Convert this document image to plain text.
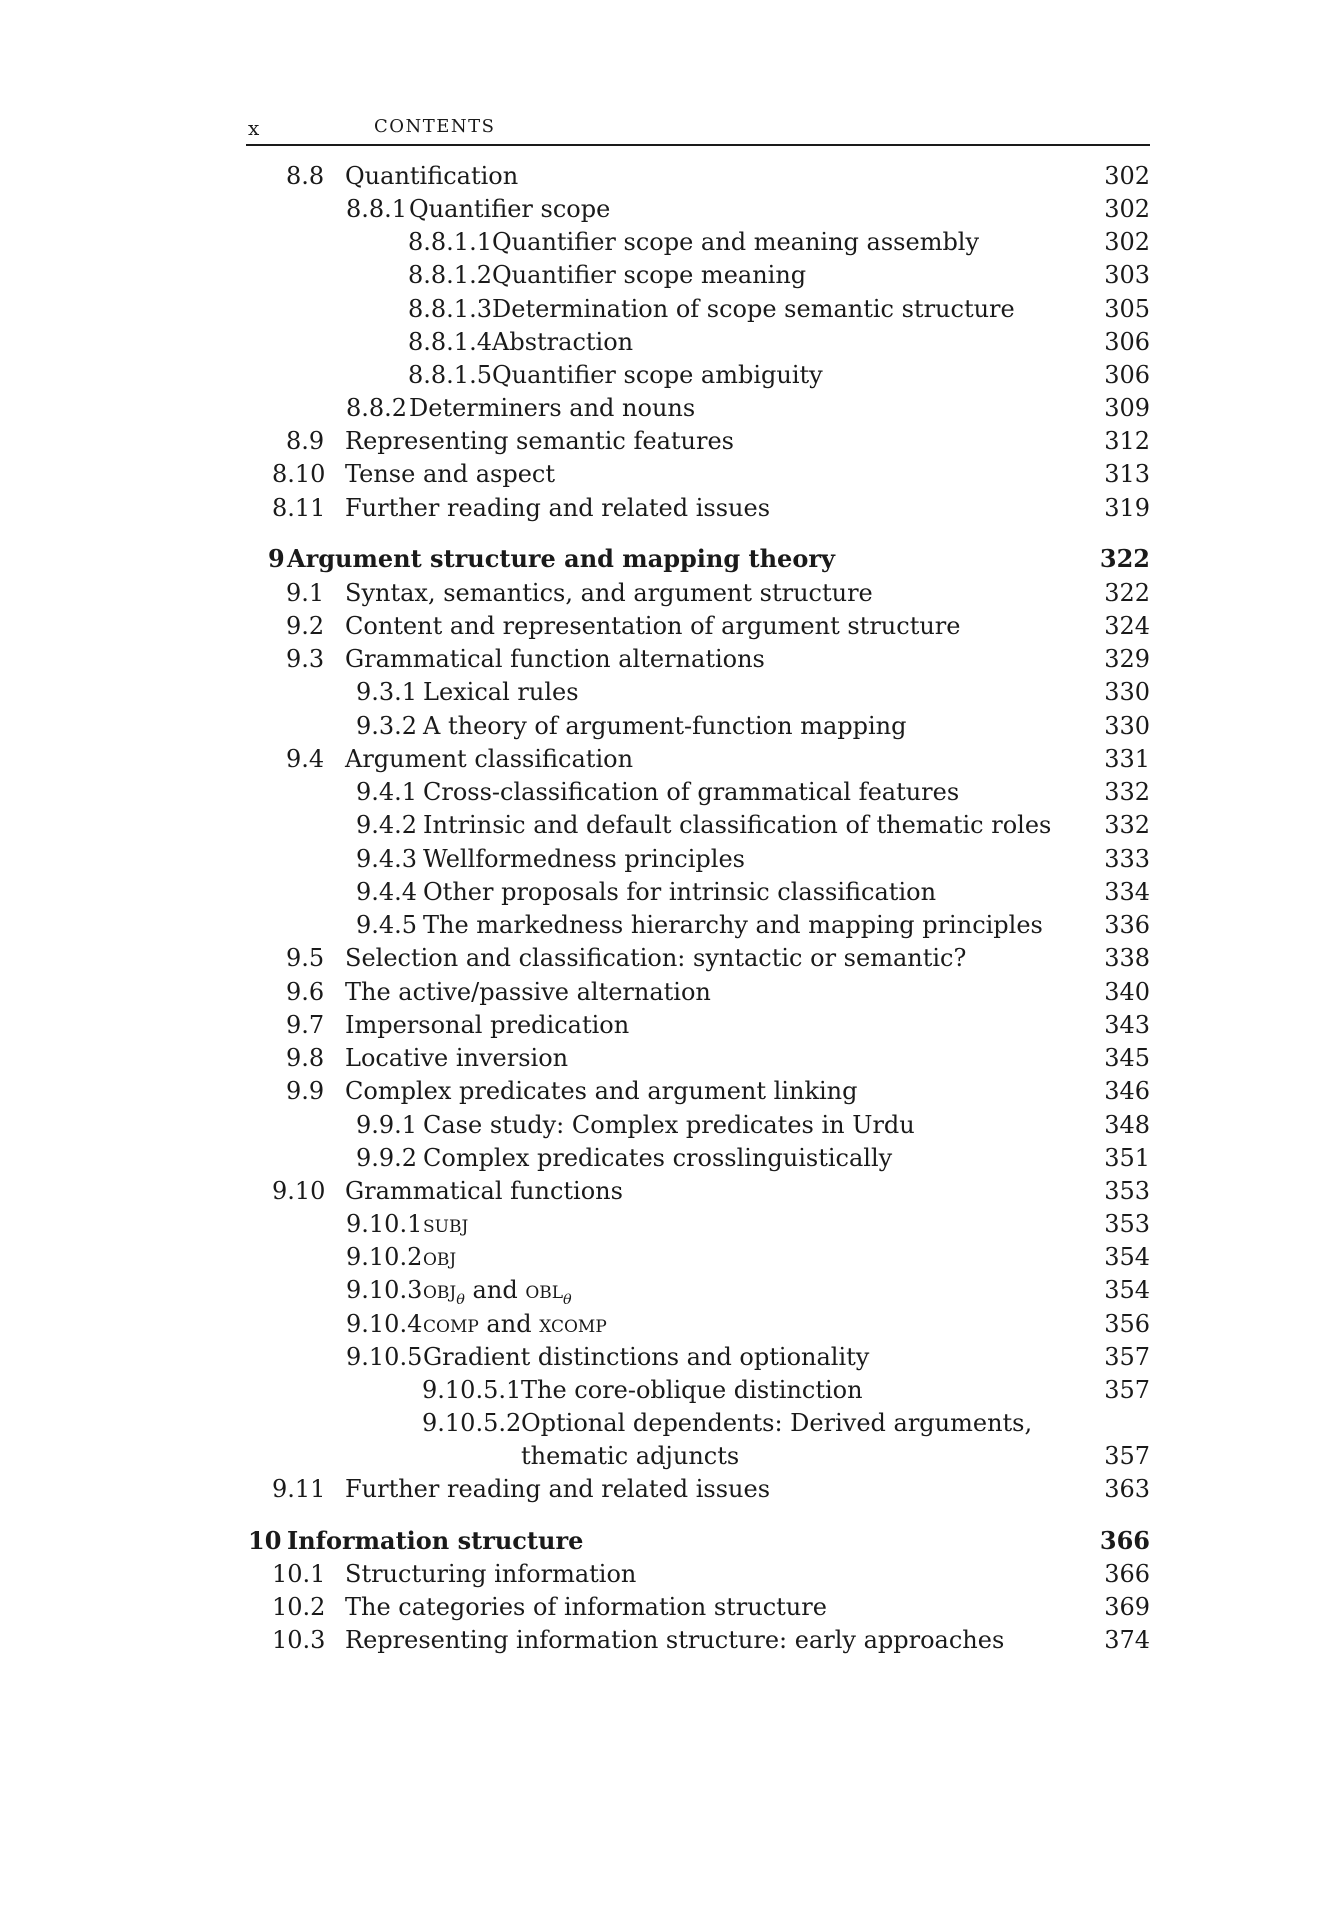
x	CONTENTS
8.8 Quantification	302
8.8.1 Quantifier scope	302
8.8.1.1 Quantifier scope and meaning assembly	302
8.8.1.2 Quantifier scope meaning	303
8.8.1.3 Determination of scope semantic structure	305
8.8.1.4 Abstraction	306
8.8.1.5 Quantifier scope ambiguity	306
8.8.2 Determiners and nouns	309
8.9 Representing semantic features	312
8.10 Tense and aspect	313
8.11 Further reading and related issues	319
9 Argument structure and mapping theory	322
9.1 Syntax, semantics, and argument structure	322
9.2 Content and representation of argument structure	324
9.3 Grammatical function alternations	329
9.3.1 Lexical rules	330
9.3.2 A theory of argument-function mapping	330
9.4 Argument classification	331
9.4.1 Cross-classification of grammatical features	332
9.4.2 Intrinsic and default classification of thematic roles	332
9.4.3 Wellformedness principles	333
9.4.4 Other proposals for intrinsic classification	334
9.4.5 The markedness hierarchy and mapping principles	336
9.5 Selection and classification: syntactic or semantic?	338
9.6 The active/passive alternation	340
9.7 Impersonal predication	343
9.8 Locative inversion	345
9.9 Complex predicates and argument linking	346
9.9.1 Case study: Complex predicates in Urdu	348
9.9.2 Complex predicates crosslinguistically	351
9.10 Grammatical functions	353
9.10.1 subj	353
9.10.2 obj	354
9.10.3 obj$_\theta$ and obl$_\theta$	354
9.10.4 comp and xcomp	356
9.10.5 Gradient distinctions and optionality	357
9.10.5.1 The core-oblique distinction	357
9.10.5.2 Optional dependents: Derived arguments,
thematic adjuncts	357
9.11 Further reading and related issues	363
10 Information structure	366
10.1 Structuring information	366
10.2 The categories of information structure	369
10.3 Representing information structure: early approaches	374
